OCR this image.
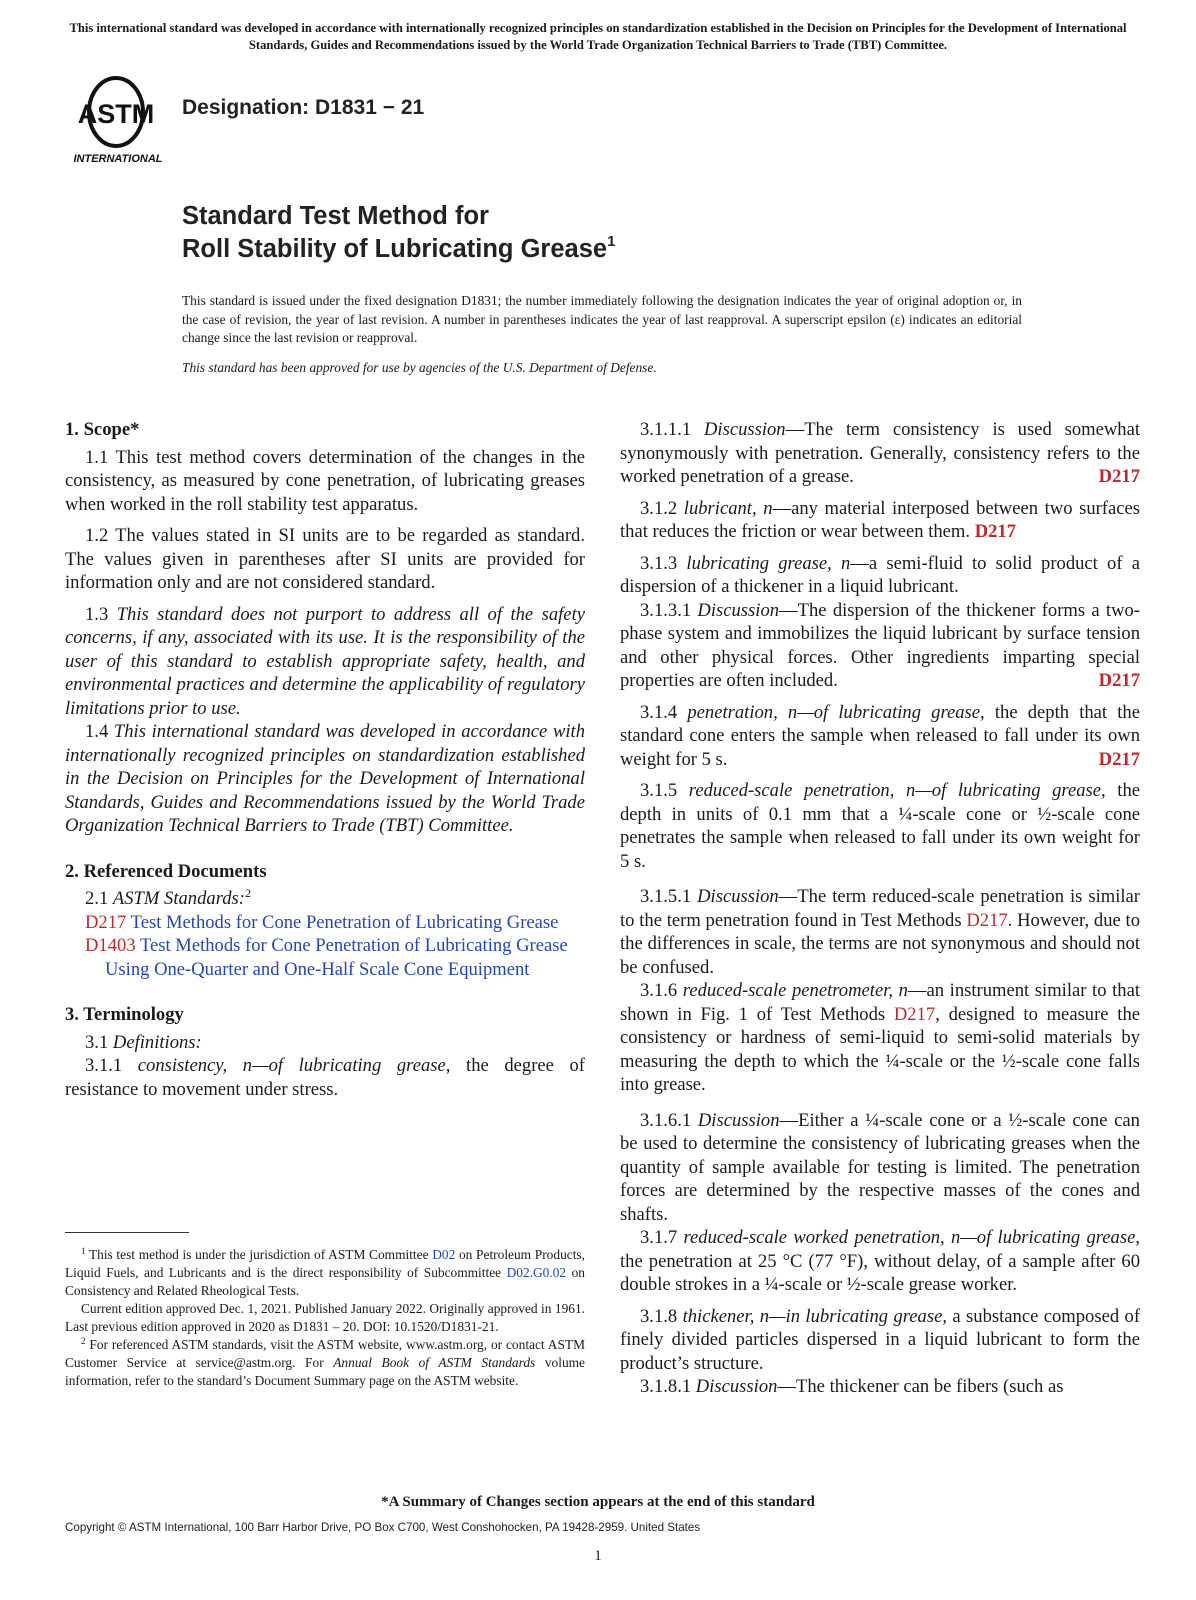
This international standard was developed in accordance with internationally recognized principles on standardization established in the Decision on Principles for the Development of International Standards, Guides and Recommendations issued by the World Trade Organization Technical Barriers to Trade (TBT) Committee.
ASTM
INTERNATIONAL
Designation: D1831 − 21
Standard Test Method for
Roll Stability of Lubricating Grease$^1$
This standard is issued under the fixed designation D1831; the number immediately following the designation indicates the year of original adoption or, in the case of revision, the year of last revision. A number in parentheses indicates the year of last reapproval. A superscript epsilon (ε) indicates an editorial change since the last revision or reapproval.
This standard has been approved for use by agencies of the U.S. Department of Defense.
1. Scope*

1.1 This test method covers determination of the changes in the consistency, as measured by cone penetration, of lubricating greases when worked in the roll stability test apparatus.

1.2 The values stated in SI units are to be regarded as standard. The values given in parentheses after SI units are provided for information only and are not considered standard.

1.3 This standard does not purport to address all of the safety concerns, if any, associated with its use. It is the responsibility of the user of this standard to establish appropriate safety, health, and environmental practices and determine the applicability of regulatory limitations prior to use.

1.4 This international standard was developed in accordance with internationally recognized principles on standardization established in the Decision on Principles for the Development of International Standards, Guides and Recommendations issued by the World Trade Organization Technical Barriers to Trade (TBT) Committee.

2. Referenced Documents

2.1 ASTM Standards:$^2$

D217 Test Methods for Cone Penetration of Lubricating Grease

D1403 Test Methods for Cone Penetration of Lubricating Grease Using One-Quarter and One-Half Scale Cone Equipment

3. Terminology

3.1 Definitions:

3.1.1 consistency, n—of lubricating grease, the degree of resistance to movement under stress.

$^1$ This test method is under the jurisdiction of ASTM Committee D02 on Petroleum Products, Liquid Fuels, and Lubricants and is the direct responsibility of Subcommittee D02.G0.02 on Consistency and Related Rheological Tests.

Current edition approved Dec. 1, 2021. Published January 2022. Originally approved in 1961. Last previous edition approved in 2020 as D1831 – 20. DOI: 10.1520/D1831-21.

$^2$ For referenced ASTM standards, visit the ASTM website, www.astm.org, or contact ASTM Customer Service at service@astm.org. For Annual Book of ASTM Standards volume information, refer to the standard’s Document Summary page on the ASTM website.

3.1.1.1 Discussion—The term consistency is used somewhat synonymously with penetration. Generally, consistency refers to the worked penetration of a grease.	D217

3.1.2 lubricant, n—any material interposed between two surfaces that reduces the friction or wear between them. D217

3.1.3 lubricating grease, n—a semi-fluid to solid product of a dispersion of a thickener in a liquid lubricant.

3.1.3.1 Discussion—The dispersion of the thickener forms a two-phase system and immobilizes the liquid lubricant by surface tension and other physical forces. Other ingredients imparting special properties are often included.	D217

3.1.4 penetration, n—of lubricating grease, the depth that the standard cone enters the sample when released to fall under its own weight for 5 s.	D217

3.1.5 reduced-scale penetration, n—of lubricating grease, the depth in units of 0.1 mm that a ¼-scale cone or ½-scale cone penetrates the sample when released to fall under its own weight for 5 s.

3.1.5.1 Discussion—The term reduced-scale penetration is similar to the term penetration found in Test Methods D217. However, due to the differences in scale, the terms are not synonymous and should not be confused.

3.1.6 reduced-scale penetrometer, n—an instrument similar to that shown in Fig. 1 of Test Methods D217, designed to measure the consistency or hardness of semi-liquid to semi-solid materials by measuring the depth to which the ¼-scale or the ½-scale cone falls into grease.

3.1.6.1 Discussion—Either a ¼-scale cone or a ½-scale cone can be used to determine the consistency of lubricating greases when the quantity of sample available for testing is limited. The penetration forces are determined by the respective masses of the cones and shafts.

3.1.7 reduced-scale worked penetration, n—of lubricating grease, the penetration at 25 °C (77 °F), without delay, of a sample after 60 double strokes in a ¼-scale or ½-scale grease worker.

3.1.8 thickener, n—in lubricating grease, a substance composed of finely divided particles dispersed in a liquid lubricant to form the product’s structure.

3.1.8.1 Discussion—The thickener can be fibers (such as

*A Summary of Changes section appears at the end of this standard
Copyright © ASTM International, 100 Barr Harbor Drive, PO Box C700, West Conshohocken, PA 19428-2959. United States
1
